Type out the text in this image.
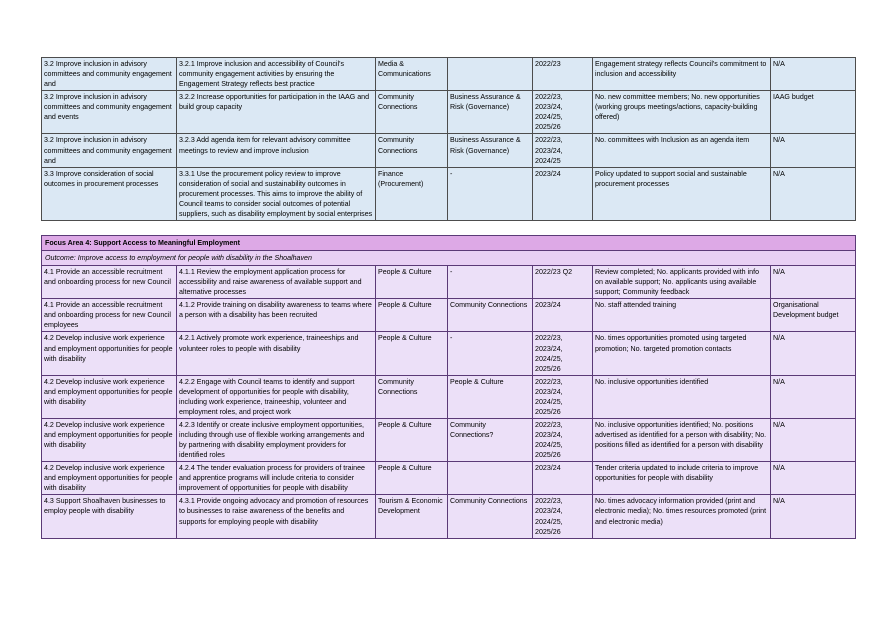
3.2 Improve inclusion in advisory committees and community engagement and	3.2.1 Improve inclusion and accessibility of Council's community engagement activities by ensuring the Engagement Strategy reflects best practice	Media & Communications		2022/23	Engagement strategy reflects Council's commitment to inclusion and accessibility	N/A
3.2 Improve inclusion in advisory committees and community engagement and events	3.2.2 Increase opportunities for participation in the IAAG and build group capacity	Community Connections	Business Assurance & Risk (Governance)	2022/23, 2023/24, 2024/25, 2025/26	No. new committee members; No. new opportunities (working groups meetings/actions, capacity-building offered)	IAAG budget
3.2 Improve inclusion in advisory committees and community engagement and	3.2.3 Add agenda item for relevant advisory committee meetings to review and improve inclusion	Community Connections	Business Assurance & Risk (Governance)	2022/23, 2023/24, 2024/25	No. committees with Inclusion as an agenda item	N/A
3.3 Improve consideration of social outcomes in procurement processes	3.3.1 Use the procurement policy review to improve consideration of social and sustainability outcomes in procurement processes. This aims to improve the ability of Council teams to consider social outcomes of potential suppliers, such as disability employment by social enterprises	Finance (Procurement)	-	2023/24	Policy updated to support social and sustainable procurement processes	N/A
Focus Area 4: Support Access to Meaningful Employment						
Outcome: Improve access to employment for people with disability in the Shoalhaven						
4.1 Provide an accessible recruitment and onboarding process for new Council	4.1.1 Review the employment application process for accessibility and raise awareness of available support and alternative processes	People & Culture	-	2022/23 Q2	Review completed; No. applicants provided with info on available support; No. applicants using available support; Community feedback	N/A
4.1 Provide an accessible recruitment and onboarding process for new Council employees	4.1.2 Provide training on disability awareness to teams where a person with a disability has been recruited	People & Culture	Community Connections	2023/24	No. staff attended training	Organisational Development budget
4.2 Develop inclusive work experience and employment opportunities for people with disability	4.2.1 Actively promote work experience, traineeships and volunteer roles to people with disability	People & Culture	-	2022/23, 2023/24, 2024/25, 2025/26	No. times opportunities promoted using targeted promotion; No. targeted promotion contacts	N/A
4.2 Develop inclusive work experience and employment opportunities for people with disability	4.2.2 Engage with Council teams to identify and support development of opportunities for people with disability, including work experience, traineeship, volunteer and employment roles, and project work	Community Connections	People & Culture	2022/23, 2023/24, 2024/25, 2025/26	No. inclusive opportunities identified	N/A
4.2 Develop inclusive work experience and employment opportunities for people with disability	4.2.3 Identify or create inclusive employment opportunities, including through use of flexible working arrangements and by partnering with disability employment providers for identified roles	People & Culture	Community Connections?	2022/23, 2023/24, 2024/25, 2025/26	No. inclusive opportunities identified; No. positions advertised as identified for a person with disability; No. positions filled as identified for a person with disability	N/A
4.2 Develop inclusive work experience and employment opportunities for people with disability	4.2.4 The tender evaluation process for providers of trainee and apprentice programs will include criteria to consider improvement of opportunities for people with disability	People & Culture		2023/24	Tender criteria updated to include criteria to improve opportunities for people with disability	N/A
4.3 Support Shoalhaven businesses to employ people with disability	4.3.1 Provide ongoing advocacy and promotion of resources to businesses to raise awareness of the benefits and supports for employing people with disability	Tourism & Economic Development	Community Connections	2022/23, 2023/24, 2024/25, 2025/26	No. times advocacy information provided (print and electronic media); No. times resources promoted (print and electronic media)	N/A
